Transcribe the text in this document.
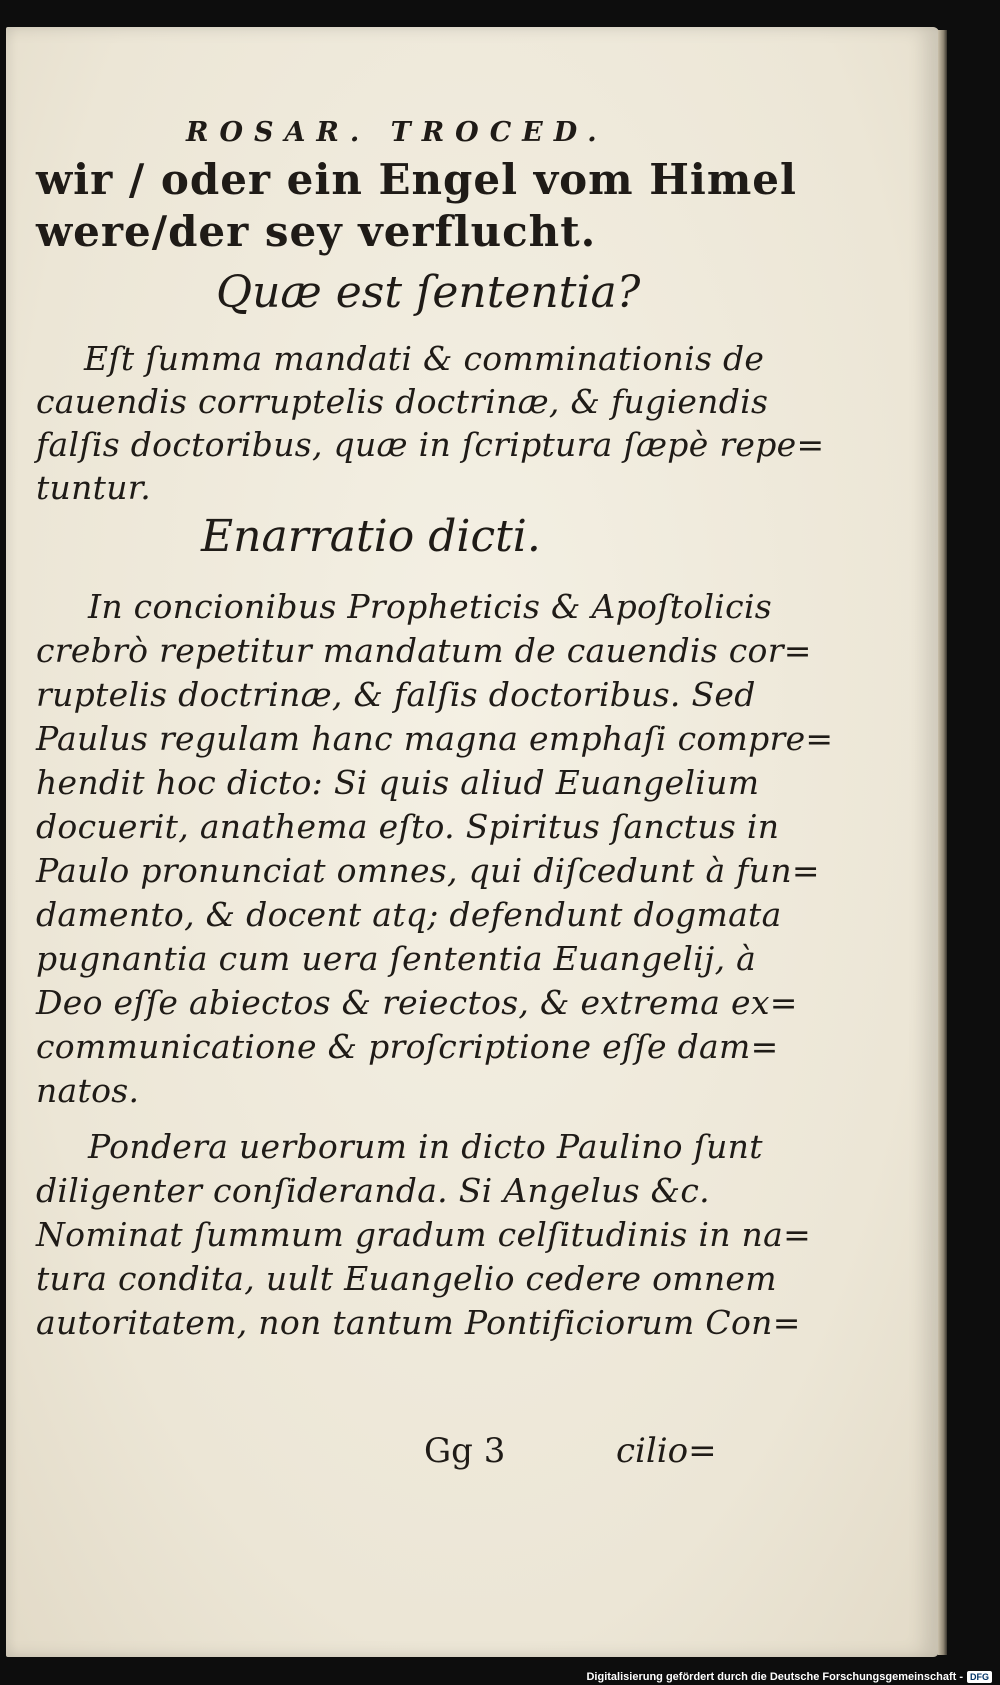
ROSAR. TROCED.
wir / oder ein Engel vom Himel
were/der sey verflucht.
Quæ est ſententia?
Eſt ſumma mandati & comminationis de
cauendis corruptelis doctrinæ, & fugiendis
falſis doctoribus, quæ in ſcriptura ſæpè repe=
tuntur.
Enarratio dicti.
In concionibus Propheticis & Apoſtolicis
crebrò repetitur mandatum de cauendis cor=
ruptelis doctrinæ, & falſis doctoribus. Sed
Paulus regulam hanc magna emphaſi compre=
hendit hoc dicto: Si quis aliud Euangelium
docuerit, anathema eſto. Spiritus ſanctus in
Paulo pronunciat omnes, qui diſcedunt à fun=
damento, & docent atq; defendunt dogmata
pugnantia cum uera ſententia Euangelij, à
Deo eſſe abiectos & reiectos, & extrema ex=
communicatione & proſcriptione eſſe dam=
natos.
Pondera uerborum in dicto Paulino ſunt
diligenter conſideranda. Si Angelus &c.
Nominat ſummum gradum celſitudinis in na=
tura condita, uult Euangelio cedere omnem
autoritatem, non tantum Pontificiorum Con=
Gg 3	cilio=
Digitalisierung gefördert durch die Deutsche Forschungsgemeinschaft - DFG
